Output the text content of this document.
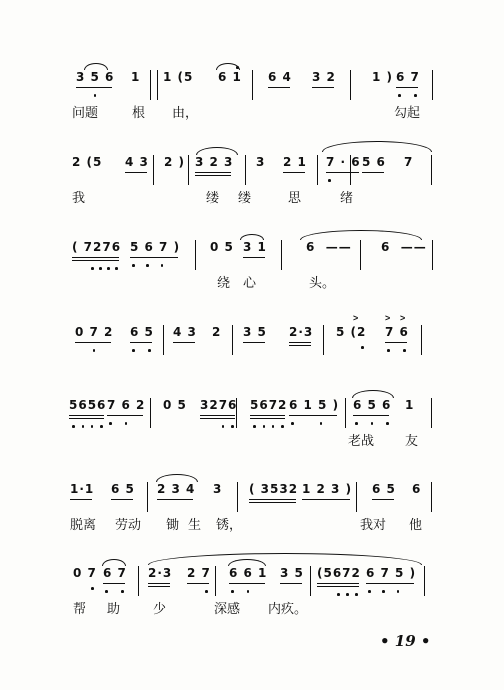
3 5 6 1 1 (5 6 1 6 4 3 2	1 ) 6 7
问题	根 由，	勾起
2 (5 4 3 2 ) 3 2 3 3 2 1 7 · 6 5 6 7
我	缕 缕	思	绪
( 7276 5 6 7 ) 0 5 3 1	6  —— 6  ——
绕 心	头。
>	> >
0 7 2 6 5 4 3 2 3 5 2·3 5 (2 7 6
5656 7 6 2 0 5 3276 5672 6 1 5 ) 6 5 6 1
老战 友
1·1 6 5 2 3 4 3 ( 3532 1 2 3 ) 6 5 6
脱离 劳动 锄 生 锈，	我对 他
0 7 6 7 2·3 2 7 6 6 1 3 5 (5672 6 7 5 )
帮 助	少	深感 内疚。
• 19 •
